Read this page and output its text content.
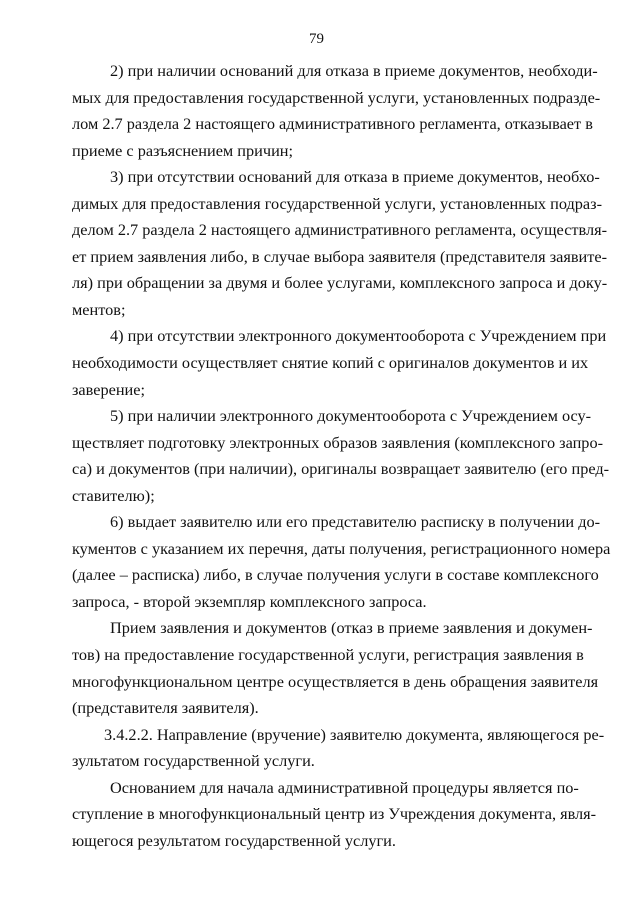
79
2) при наличии оснований для отказа в приеме документов, необходи-
мых для предоставления государственной услуги, установленных подразде-
лом 2.7 раздела 2 настоящего административного регламента, отказывает в
приеме с разъяснением причин;
3) при отсутствии оснований для отказа в приеме документов, необхо-
димых для предоставления государственной услуги, установленных подраз-
делом 2.7 раздела 2 настоящего административного регламента, осуществля-
ет прием заявления либо, в случае выбора заявителя (представителя заявите-
ля) при обращении за двумя и более услугами, комплексного запроса и доку-
ментов;
4) при отсутствии электронного документооборота с Учреждением при
необходимости осуществляет снятие копий с оригиналов документов и их
заверение;
5) при наличии электронного документооборота с Учреждением осу-
ществляет подготовку электронных образов заявления (комплексного запро-
са) и документов (при наличии), оригиналы возвращает заявителю (его пред-
ставителю);
6) выдает заявителю или его представителю расписку в получении до-
кументов с указанием их перечня, даты получения, регистрационного номера
(далее – расписка) либо, в случае получения услуги в составе комплексного
запроса, - второй экземпляр комплексного запроса.
Прием заявления и документов (отказ в приеме заявления и докумен-
тов) на предоставление государственной услуги, регистрация заявления в
многофункциональном центре осуществляется в день обращения заявителя
(представителя заявителя).
3.4.2.2. Направление (вручение) заявителю документа, являющегося ре-
зультатом государственной услуги.
Основанием для начала административной процедуры является по-
ступление в многофункциональный центр из Учреждения документа, явля-
ющегося результатом государственной услуги.
